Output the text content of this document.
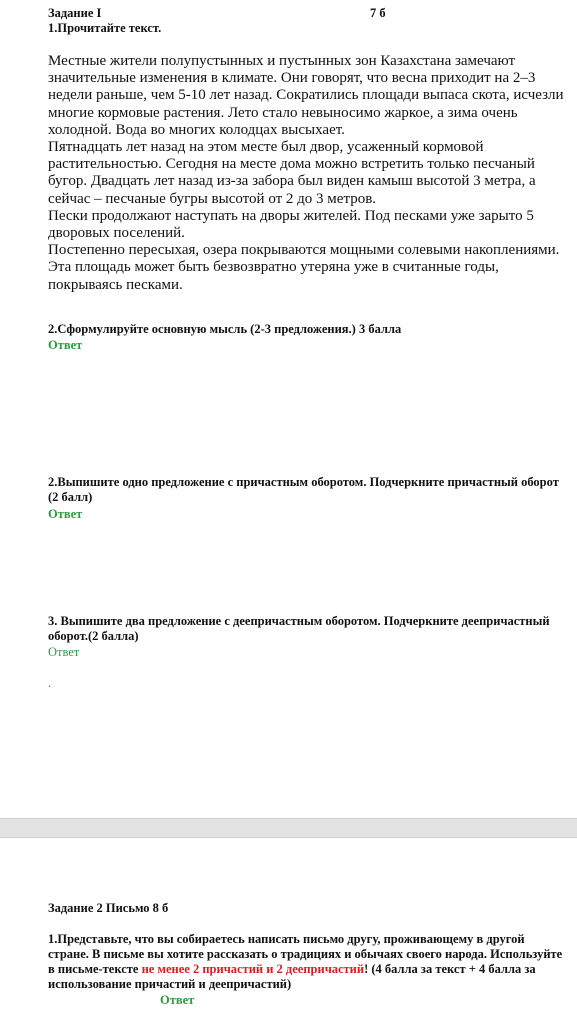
Задание I	7 б
1.Прочитайте текст.

Местные жители полупустынных и пустынных зон Казахстана замечают значительные изменения в климате. Они говорят, что весна приходит на 2–3 недели раньше, чем 5-10 лет назад. Сократились площади выпаса скота, исчезли многие кормовые растения. Лето стало невыносимо жаркое, а зима очень холодной. Вода во многих колодцах высыхает.

Пятнадцать лет назад на этом месте был двор, усаженный кормовой растительностью. Сегодня на месте дома можно встретить только песчаный бугор. Двадцать лет назад из-за забора был виден камыш высотой 3 метра, а сейчас – песчаные бугры высотой от 2 до 3 метров.

Пески продолжают наступать на дворы жителей. Под песками уже зарыто 5 дворовых поселений.

Постепенно пересыхая, озера покрываются мощными солевыми накоплениями. Эта площадь может быть безвозвратно утеряна уже в считанные годы, покрываясь песками.

2.Сформулируйте основную мысль (2-3 предложения.) 3 балла
Ответ
2.Выпишите одно предложение с причастным оборотом. Подчеркните причастный оборот (2 балл)
Ответ
3. Выпишите два предложение с деепричастным оборотом. Подчеркните деепричастный оборот.(2 балла)
Ответ
.
Задание 2 Письмо 8 б
1.Представьте, что вы собираетесь написать письмо другу, проживающему в другой стране. В письме вы хотите рассказать о традициях и обычаях своего народа. Используйте в письме-тексте не менее 2 причастий и 2 деепричастий! (4 балла за текст + 4 балла за использование причастий и деепричастий)
Ответ
